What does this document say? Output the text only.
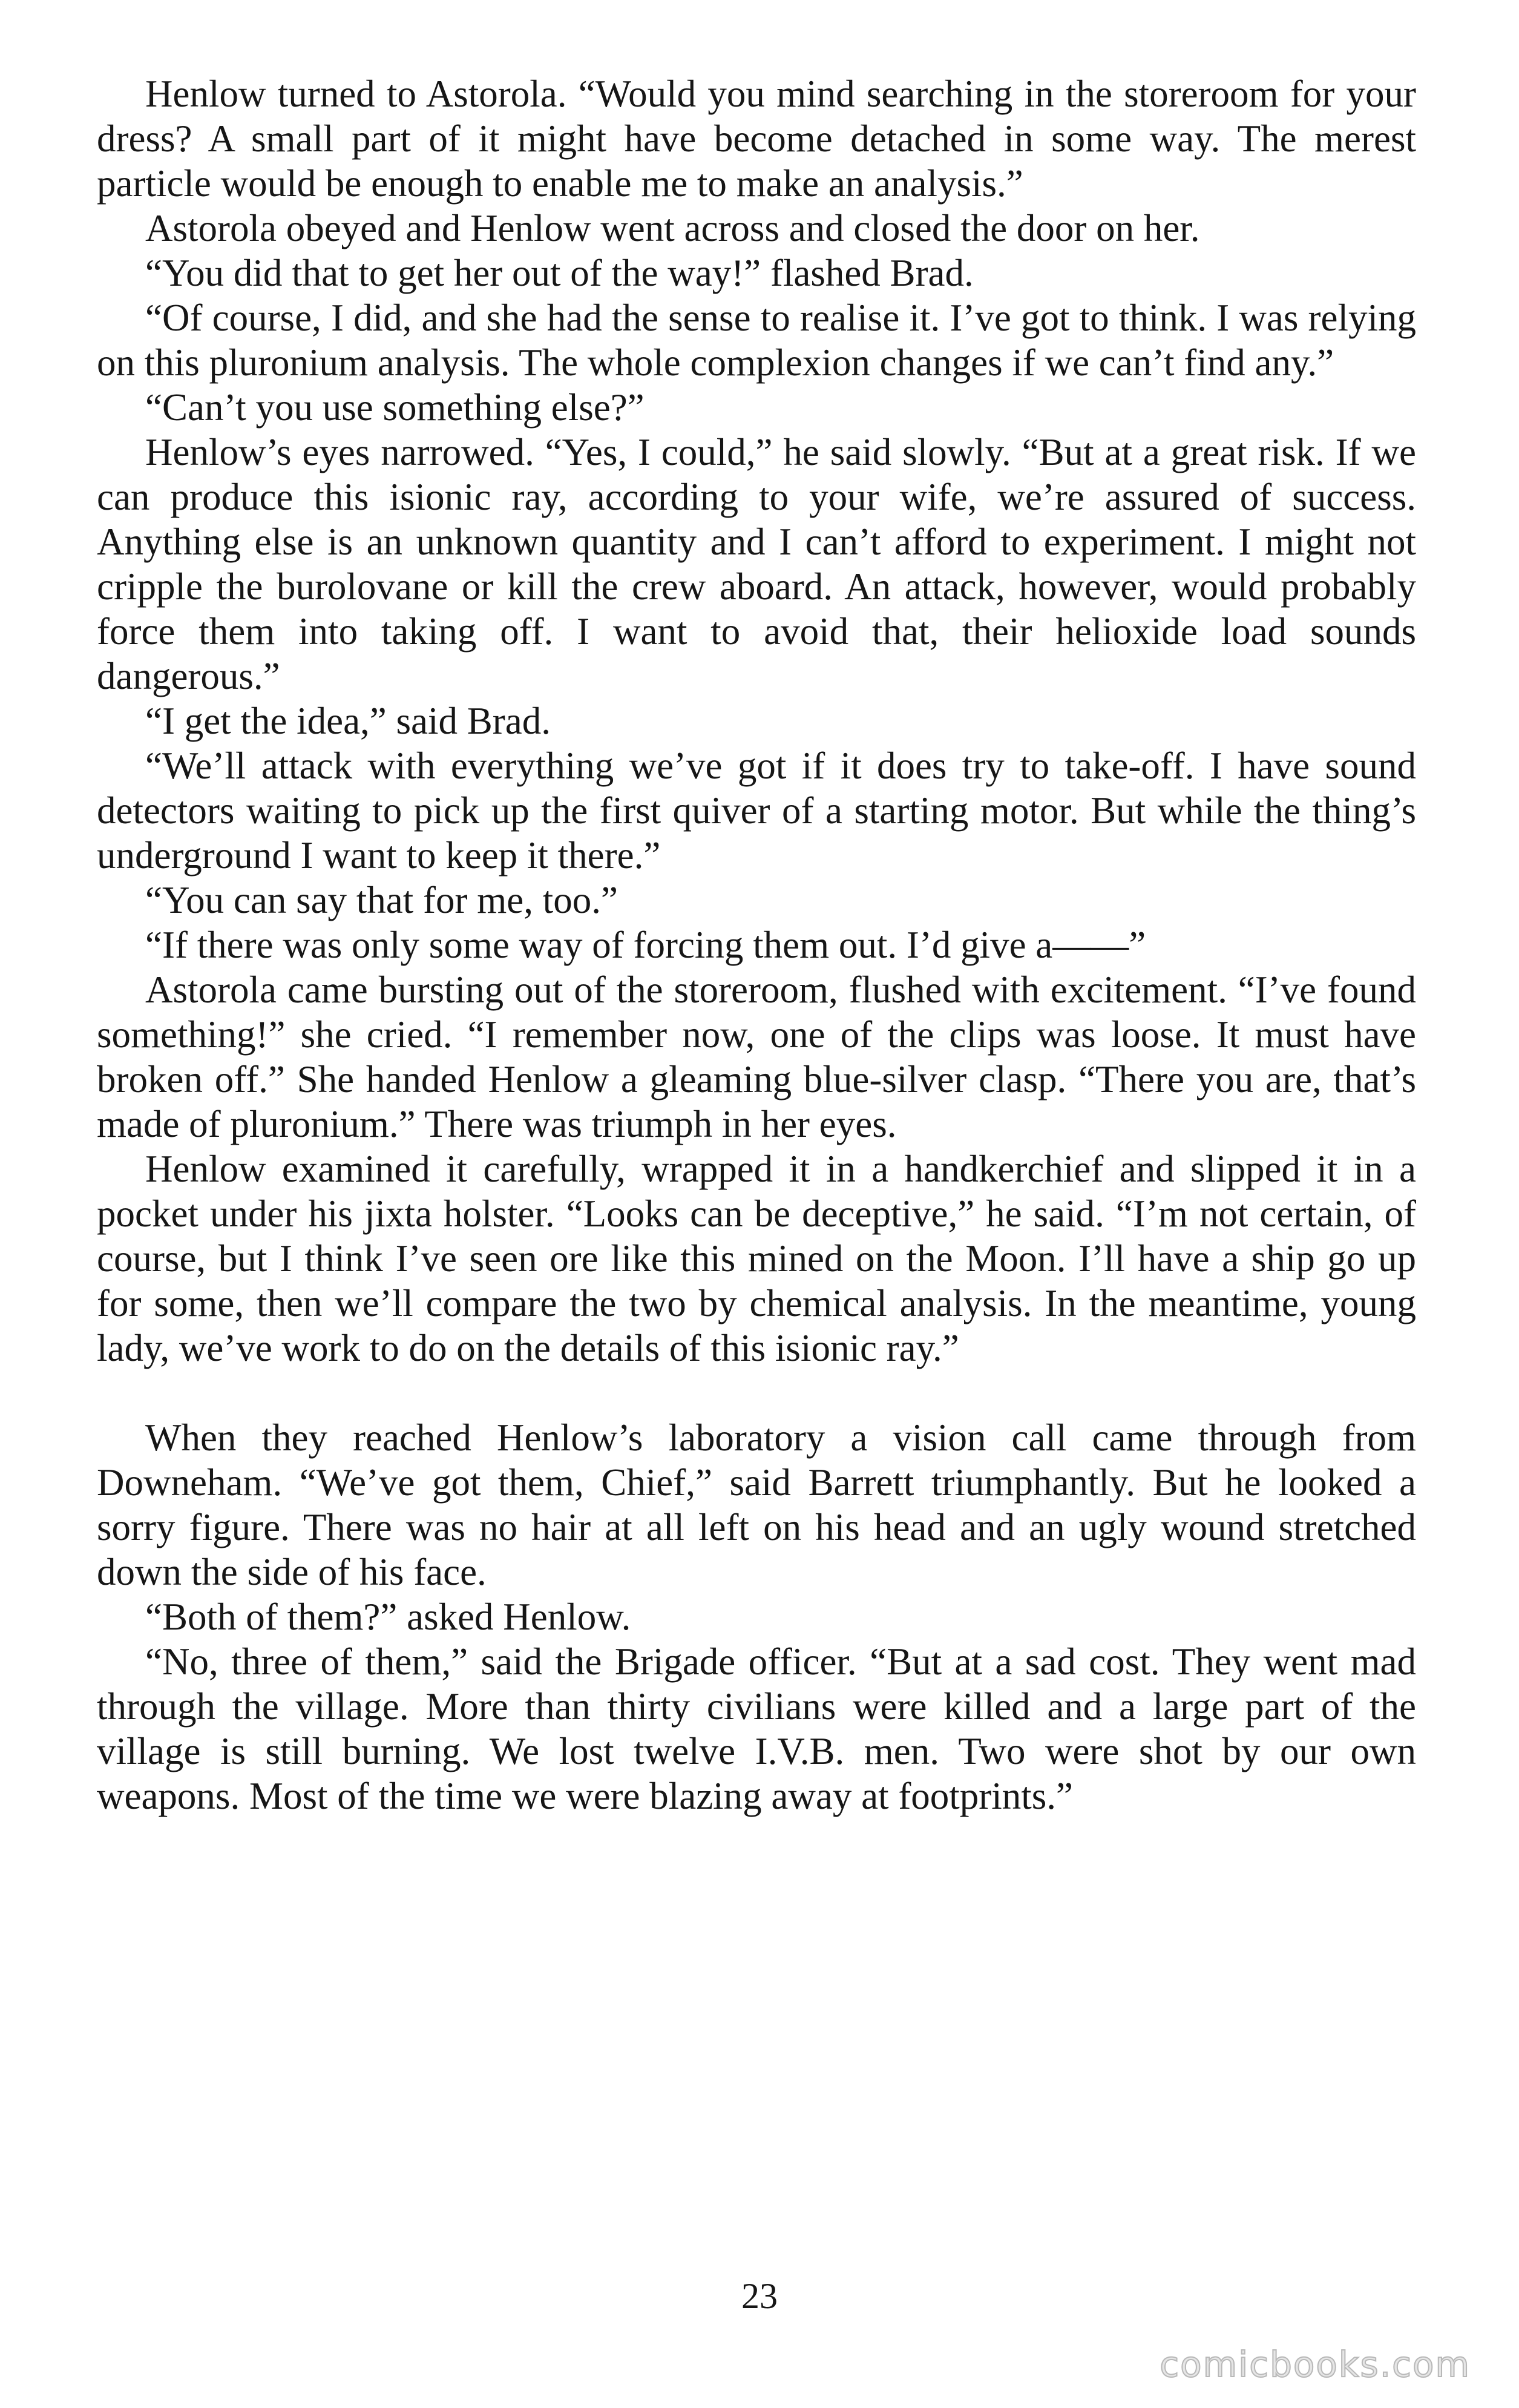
Henlow turned to Astorola. “Would you mind searching in the storeroom for your dress? A small part of it might have become detached in some way. The merest particle would be enough to enable me to make an analysis.”

Astorola obeyed and Henlow went across and closed the door on her.

“You did that to get her out of the way!” flashed Brad.

“Of course, I did, and she had the sense to realise it. I’ve got to think. I was relying on this pluronium analysis. The whole complexion changes if we can’t find any.”

“Can’t you use something else?”

Henlow’s eyes narrowed. “Yes, I could,” he said slowly. “But at a great risk. If we can produce this isionic ray, according to your wife, we’re assured of success. Anything else is an unknown quantity and I can’t afford to experiment. I might not cripple the burolovane or kill the crew aboard. An attack, however, would probably force them into taking off. I want to avoid that, their helioxide load sounds dangerous.”

“I get the idea,” said Brad.

“We’ll attack with everything we’ve got if it does try to take-off. I have sound detectors waiting to pick up the first quiver of a starting motor. But while the thing’s underground I want to keep it there.”

“You can say that for me, too.”

“If there was only some way of forcing them out. I’d give a——”

Astorola came bursting out of the storeroom, flushed with excitement. “I’ve found something!” she cried. “I remember now, one of the clips was loose. It must have broken off.” She handed Henlow a gleaming blue-silver clasp. “There you are, that’s made of pluronium.” There was triumph in her eyes.

Henlow examined it carefully, wrapped it in a handkerchief and slipped it in a pocket under his jixta holster. “Looks can be deceptive,” he said. “I’m not certain, of course, but I think I’ve seen ore like this mined on the Moon. I’ll have a ship go up for some, then we’ll compare the two by chemical analysis. In the meantime, young lady, we’ve work to do on the details of this isionic ray.”

When they reached Henlow’s laboratory a vision call came through from Downeham. “We’ve got them, Chief,” said Barrett triumphantly. But he looked a sorry figure. There was no hair at all left on his head and an ugly wound stretched down the side of his face.

“Both of them?” asked Henlow.

“No, three of them,” said the Brigade officer. “But at a sad cost. They went mad through the village. More than thirty civilians were killed and a large part of the village is still burning. We lost twelve I.V.B. men. Two were shot by our own weapons. Most of the time we were blazing away at footprints.”

23
comicbooks.com
